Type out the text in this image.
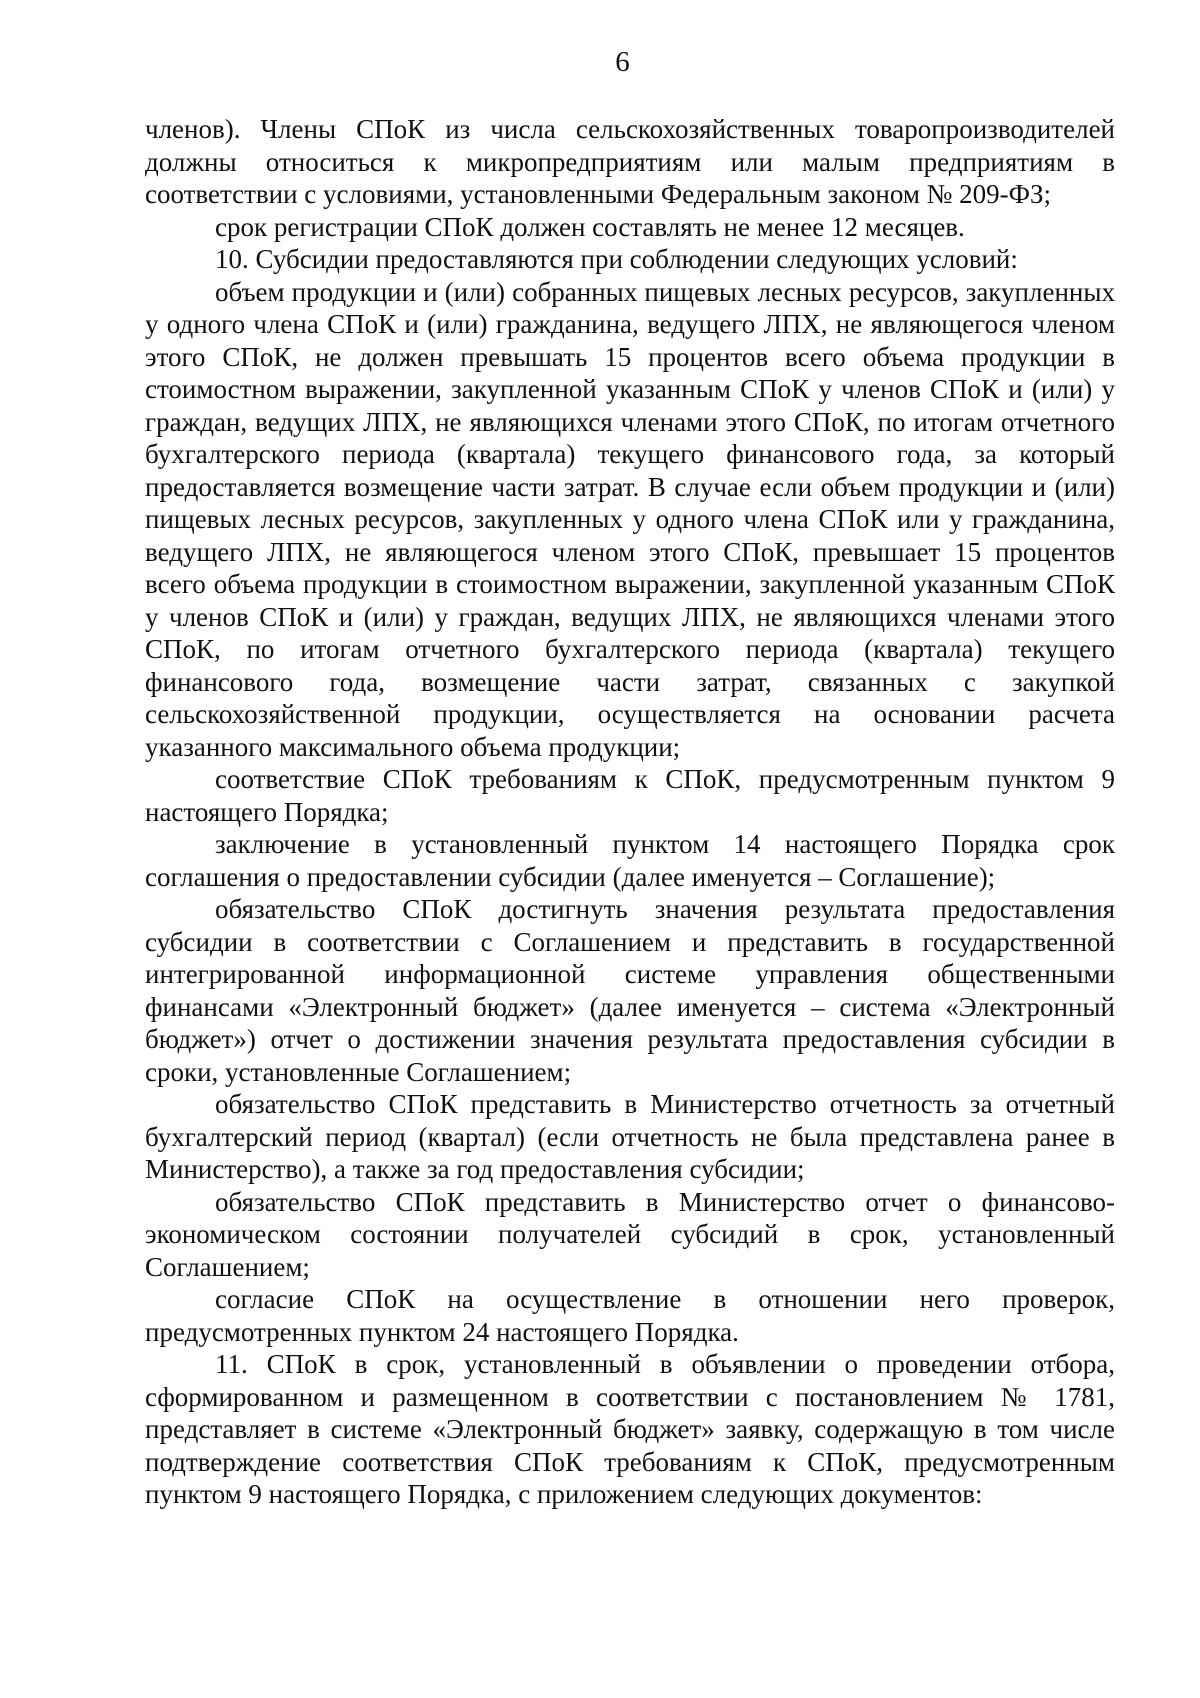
6

членов). Члены СПоК из числа сельскохозяйственных товаропроизводителей должны относиться к микропредприятиям или малым предприятиям в соответствии с условиями, установленными Федеральным законом № 209-ФЗ;

срок регистрации СПоК должен составлять не менее 12 месяцев.

10. Субсидии предоставляются при соблюдении следующих условий:

объем продукции и (или) собранных пищевых лесных ресурсов, закупленных у одного члена СПоК и (или) гражданина, ведущего ЛПХ, не являющегося членом этого СПоК, не должен превышать 15 процентов всего объема продукции в стоимостном выражении, закупленной указанным СПоК у членов СПоК и (или) у граждан, ведущих ЛПХ, не являющихся членами этого СПоК, по итогам отчетного бухгалтерского периода (квартала) текущего финансового года, за который предоставляется возмещение части затрат. В случае если объем продукции и (или) пищевых лесных ресурсов, закупленных у одного члена СПоК или у гражданина, ведущего ЛПХ, не являющегося членом этого СПоК, превышает 15 процентов всего объема продукции в стоимостном выражении, закупленной указанным СПоК у членов СПоК и (или) у граждан, ведущих ЛПХ, не являющихся членами этого СПоК, по итогам отчетного бухгалтерского периода (квартала) текущего финансового года, возмещение части затрат, связанных с закупкой сельскохозяйственной продукции, осуществляется на основании расчета указанного максимального объема продукции;

соответствие СПоК требованиям к СПоК, предусмотренным пунктом 9 настоящего Порядка;

заключение в установленный пунктом 14 настоящего Порядка срок соглашения о предоставлении субсидии (далее именуется – Соглашение);

обязательство СПоК достигнуть значения результата предоставления субсидии в соответствии с Соглашением и представить в государственной интегрированной информационной системе управления общественными финансами «Электронный бюджет» (далее именуется – система «Электронный бюджет») отчет о достижении значения результата предоставления субсидии в сроки, установленные Соглашением;

обязательство СПоК представить в Министерство отчетность за отчетный бухгалтерский период (квартал) (если отчетность не была представлена ранее в Министерство), а также за год предоставления субсидии;

обязательство СПоК представить в Министерство отчет о финансово-экономическом состоянии получателей субсидий в срок, установленный Соглашением;

согласие СПоК на осуществление в отношении него проверок, предусмотренных пунктом 24 настоящего Порядка.

11. СПоК в срок, установленный в объявлении о проведении отбора, сформированном и размещенном в соответствии с постановлением № 1781, представляет в системе «Электронный бюджет» заявку, содержащую в том числе подтверждение соответствия СПоК требованиям к СПоК, предусмотренным пунктом 9 настоящего Порядка, с приложением следующих документов:
